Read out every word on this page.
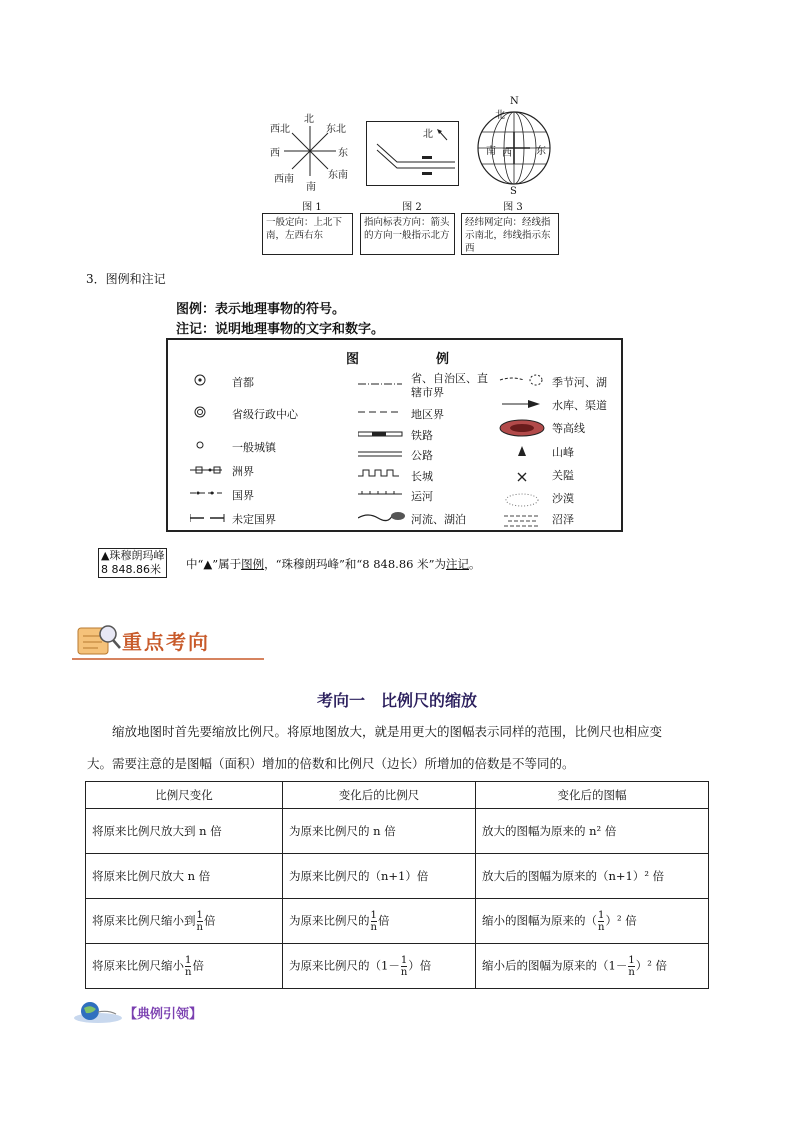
北
南
东
西
东北
西北
东南
西南
图 1
北
图 2
N
S
北
南 西 东
图 3
一般定向：上北下南，左西右东
指向标表方向：箭头的方向一般指示北方
经纬网定向：经线指示南北，纬线指示东西
3．图例和注记
图例：表示地理事物的符号。
注记：说明地理事物的文字和数字。
图	例
首都
省级行政中心
一般城镇
洲界
国界
未定国界
省、自治区、直辖市界
地区界
铁路
公路
长城
运河
河流、湖泊
季节河、湖
水库、渠道
等高线
山峰
关隘
沙漠
沼泽
▲珠穆朗玛峰
8 848.86米	中“▲”属于图例，“珠穆朗玛峰”和“8 848.86 米”为注记。
重点考向
考向一　比例尺的缩放
缩放地图时首先要缩放比例尺。将原地图放大，就是用更大的图幅表示同样的范围，比例尺也相应变
大。需要注意的是图幅（面积）增加的倍数和比例尺（边长）所增加的倍数是不等同的。
比例尺变化	变化后的比例尺	变化后的图幅
将原来比例尺放大到 n 倍	为原来比例尺的 n 倍	放大的图幅为原来的 n² 倍
将原来比例尺放大 n 倍	为原来比例尺的（n+1）倍	放大后的图幅为原来的（n+1）² 倍
将原来比例尺缩小到 $\frac{1}{n}$ 倍	为原来比例尺的 $\frac{1}{n}$ 倍	缩小的图幅为原来的（ $\frac{1}{n} )^2$ 倍
将原来比例尺缩小 $\frac{1}{n}$ 倍	为原来比例尺的（$1- \frac{1}{n}$ ）倍	缩小后的图幅为原来的$(1- \frac{1}{n} )^2$ 倍
【典例引领】
